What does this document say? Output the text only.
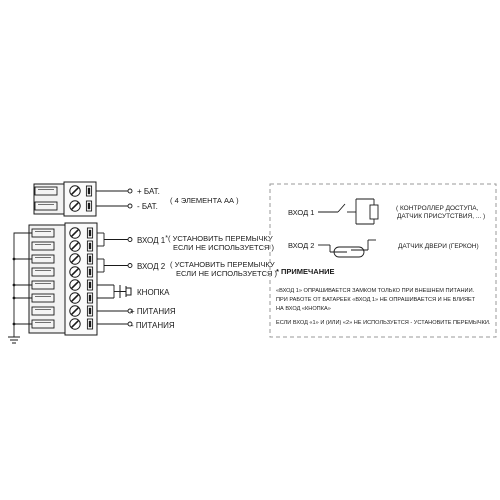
+ БАТ.
- БАТ.
( 4 ЭЛЕМЕНТА АА )
ВХОД 1* ( УСТАНОВИТЬ ПЕРЕМЫЧКУ
ЕСЛИ НЕ ИСПОЛЬЗУЕТСЯ )
ВХОД 2 ( УСТАНОВИТЬ ПЕРЕМЫЧКУ
ЕСЛИ НЕ ИСПОЛЬЗУЕТСЯ )
КНОПКА
+ ПИТАНИЯ
- ПИТАНИЯ
ВХОД 1	( КОНТРОЛЛЕР ДОСТУПА,
ДАТЧИК ПРИСУТСТВИЯ, ... )
ВХОД 2	ДАТЧИК ДВЕРИ (ГЕРКОН)
* ПРИМЕЧАНИЕ
«ВХОД 1» ОПРАШИВАЕТСЯ ЗАМКОМ ТОЛЬКО ПРИ ВНЕШНЕМ ПИТАНИИ.
ПРИ РАБОТЕ ОТ БАТАРЕЕК «ВХОД 1» НЕ ОПРАШИВАЕТСЯ И НЕ ВЛИЯЕТ
НА ВХОД «КНОПКА»
ЕСЛИ ВХОД «1» И (ИЛИ) «2» НЕ ИСПОЛЬЗУЕТСЯ - УСТАНОВИТЕ ПЕРЕМЫЧКИ.
